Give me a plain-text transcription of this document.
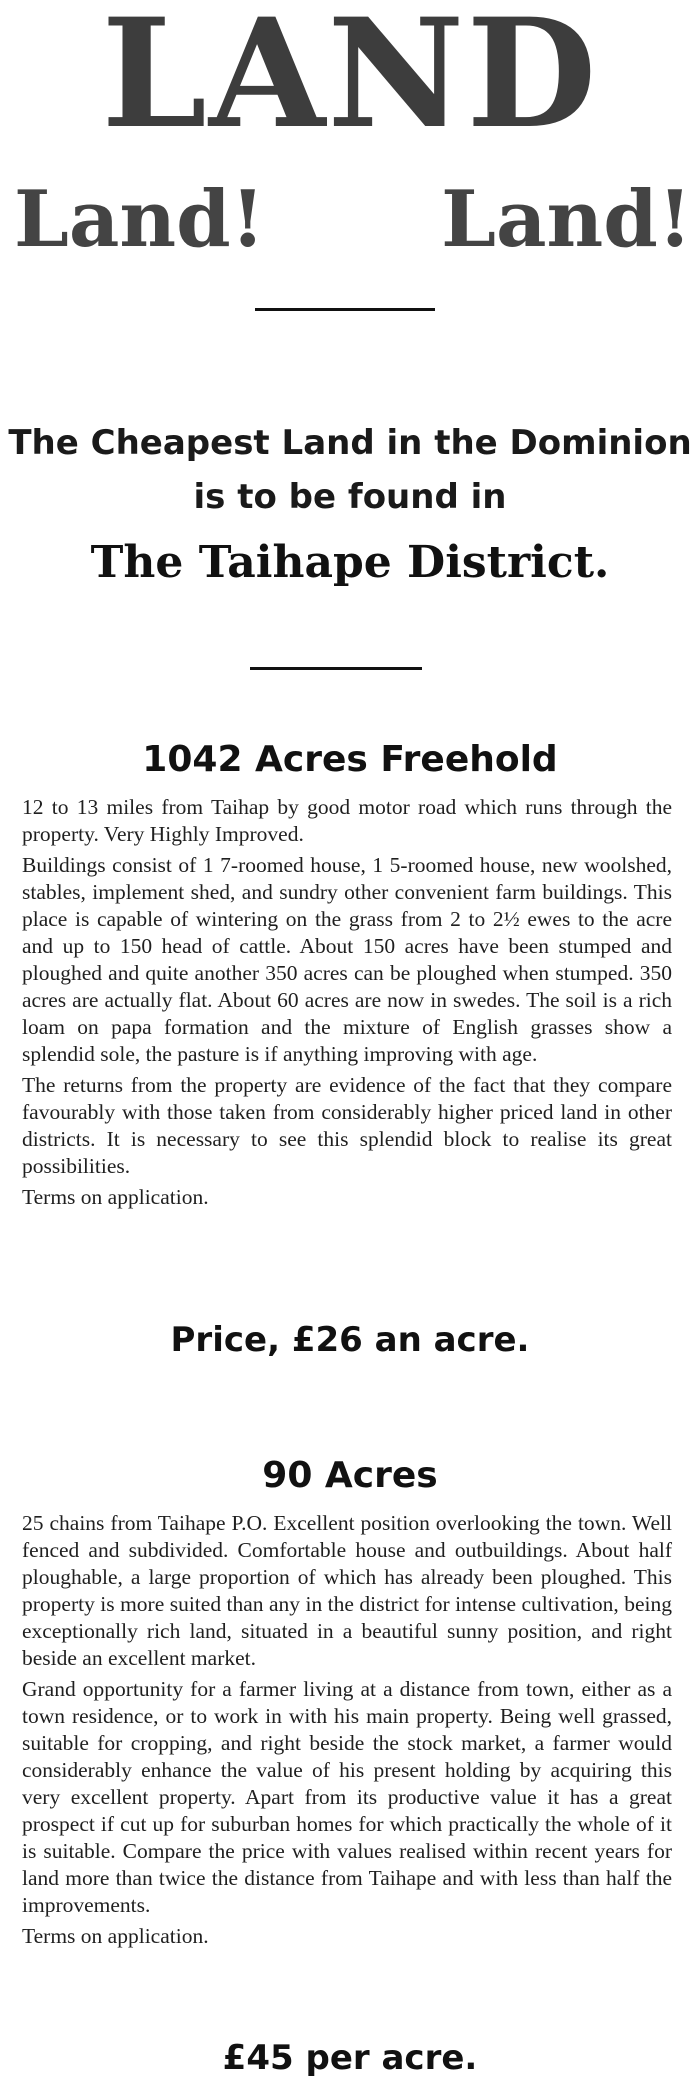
LAND
Land! Land!
The Cheapest Land in the Dominion
is to be found in
The Taihape District.
1042 Acres Freehold

12 to 13 miles from Taihap by good motor road which runs through the property. Very Highly Improved.

Buildings consist of 1 7-roomed house, 1 5-roomed house, new woolshed, stables, implement shed, and sundry other convenient farm buildings. This place is capable of wintering on the grass from 2 to 2½ ewes to the acre and up to 150 head of cattle. About 150 acres have been stumped and ploughed and quite another 350 acres can be ploughed when stumped. 350 acres are actually flat. About 60 acres are now in swedes. The soil is a rich loam on papa formation and the mixture of English grasses show a splendid sole, the pasture is if anything improving with age.

The returns from the property are evidence of the fact that they compare favourably with those taken from considerably higher priced land in other districts. It is necessary to see this splendid block to realise its great possibilities.

Terms on application.

Price, £26 an acre.
90 Acres

25 chains from Taihape P.O. Excellent position overlooking the town. Well fenced and subdivided. Comfortable house and outbuildings. About half ploughable, a large proportion of which has already been ploughed. This property is more suited than any in the district for intense cultivation, being exceptionally rich land, situated in a beautiful sunny position, and right beside an excellent market.

Grand opportunity for a farmer living at a distance from town, either as a town residence, or to work in with his main property. Being well grassed, suitable for cropping, and right beside the stock market, a farmer would considerably enhance the value of his present holding by acquiring this very excellent property. Apart from its productive value it has a great prospect if cut up for suburban homes for which practically the whole of it is suitable. Compare the price with values realised within recent years for land more than twice the distance from Taihape and with less than half the improvements.

Terms on application.

£45 per acre.
